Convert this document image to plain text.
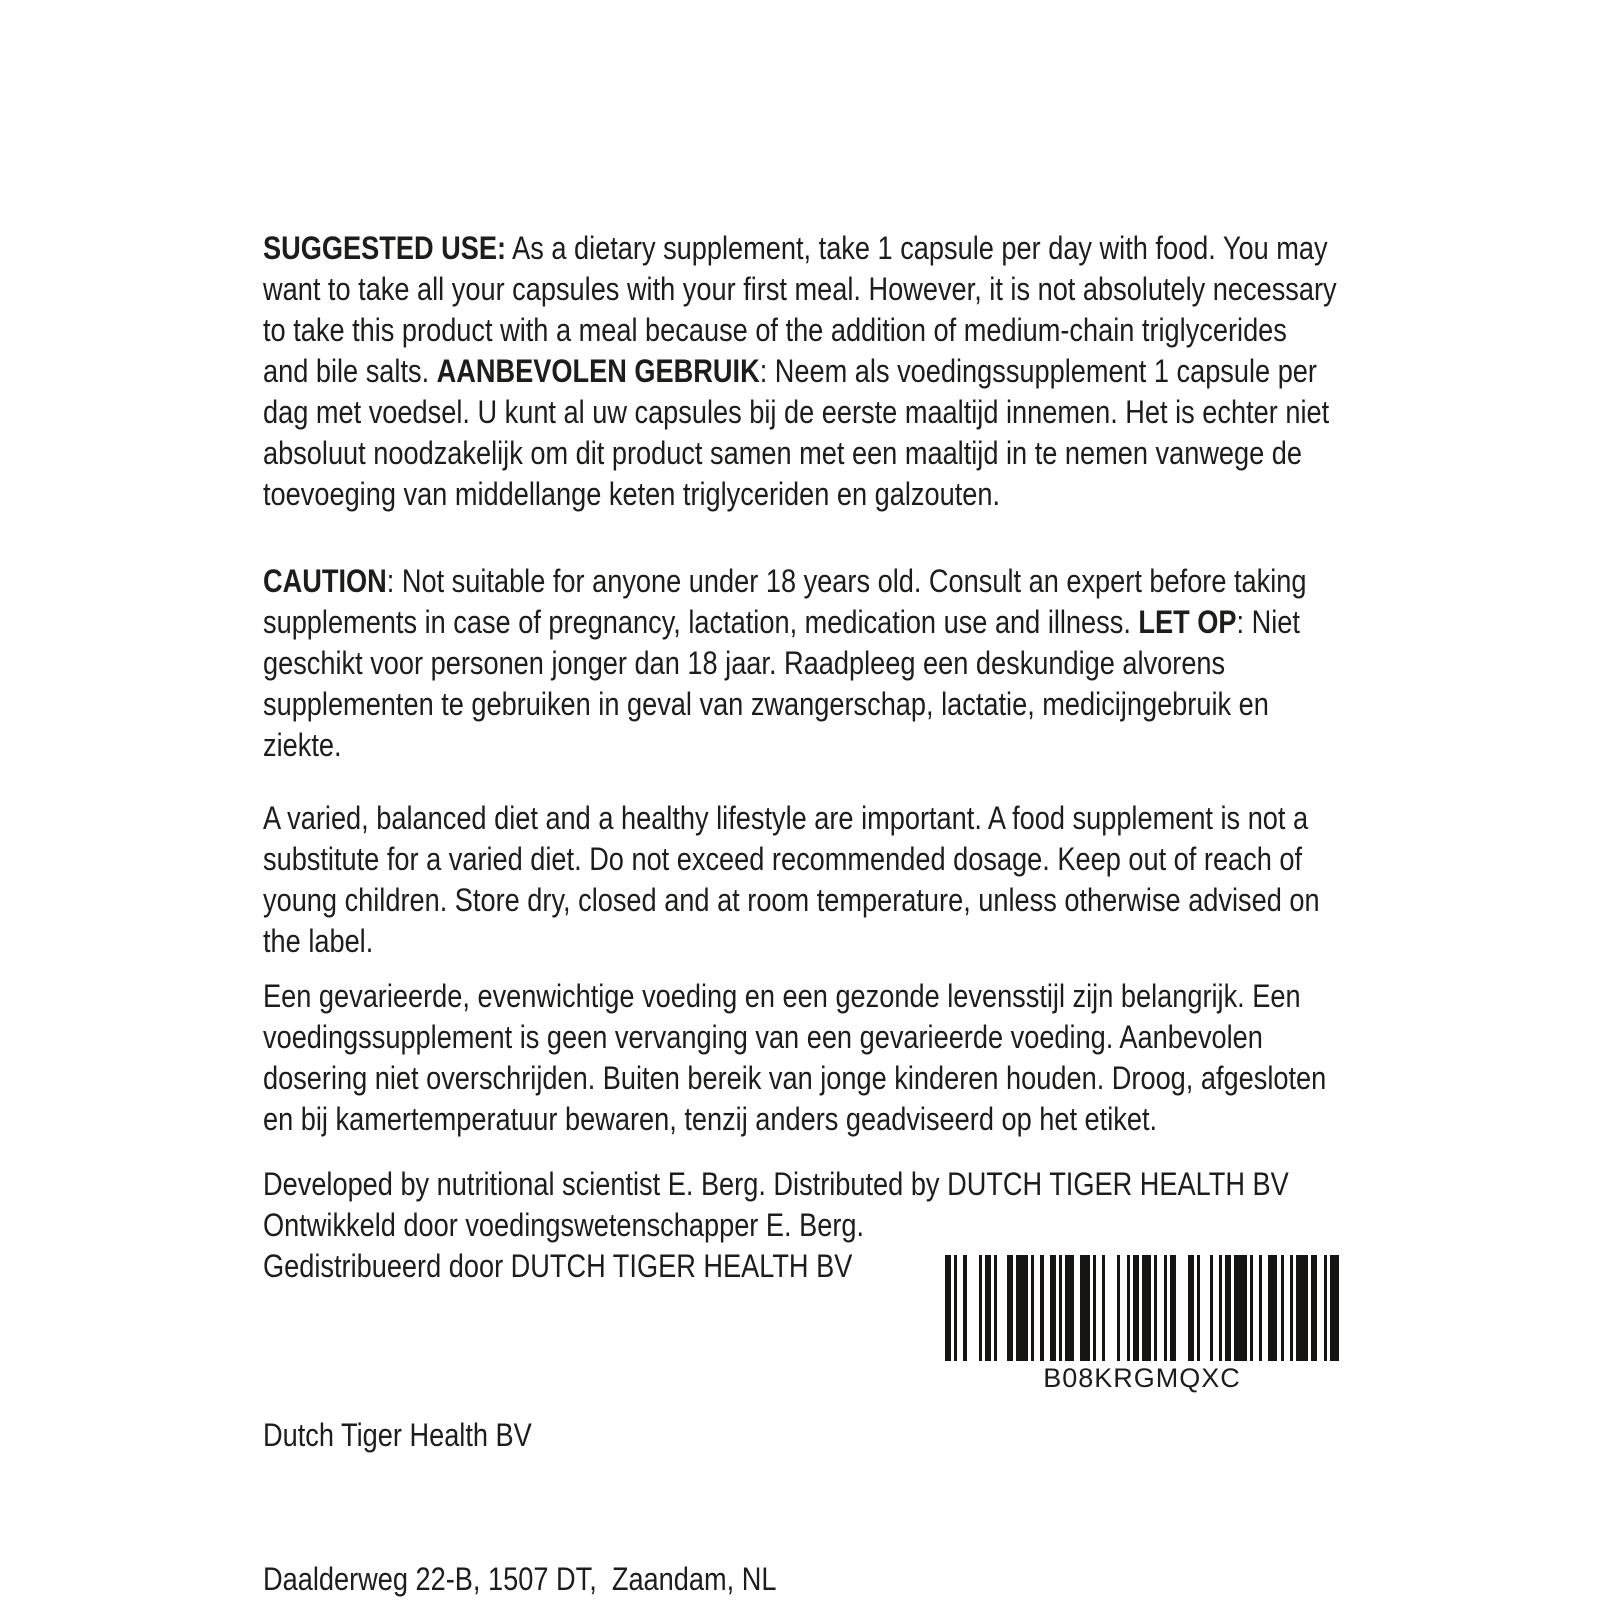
SUGGESTED USE: As a dietary supplement, take 1 capsule per day with food. You may want to take all your capsules with your first meal. However, it is not absolutely necessary to take this product with a meal because of the addition of medium-chain triglycerides and bile salts. AANBEVOLEN GEBRUIK: Neem als voedingssupplement 1 capsule per dag met voedsel. U kunt al uw capsules bij de eerste maaltijd innemen. Het is echter niet absoluut noodzakelijk om dit product samen met een maaltijd in te nemen vanwege de toevoeging van middellange keten triglyceriden en galzouten.

CAUTION: Not suitable for anyone under 18 years old. Consult an expert before taking supplements in case of pregnancy, lactation, medication use and illness. LET OP: Niet geschikt voor personen jonger dan 18 jaar. Raadpleeg een deskundige alvorens supplementen te gebruiken in geval van zwangerschap, lactatie, medicijngebruik en ziekte.

A varied, balanced diet and a healthy lifestyle are important. A food supplement is not a substitute for a varied diet. Do not exceed recommended dosage. Keep out of reach of young children. Store dry, closed and at room temperature, unless otherwise advised on the label.

Een gevarieerde, evenwichtige voeding en een gezonde levensstijl zijn belangrijk. Een voedingssupplement is geen vervanging van een gevarieerde voeding. Aanbevolen dosering niet overschrijden. Buiten bereik van jonge kinderen houden. Droog, afgesloten en bij kamertemperatuur bewaren, tenzij anders geadviseerd op het etiket.

Developed by nutritional scientist E. Berg. Distributed by DUTCH TIGER HEALTH BV
Ontwikkeld door voedingswetenschapper E. Berg.
Gedistribueerd door DUTCH TIGER HEALTH BV

Dutch Tiger Health BV

Daalderweg 22-B, 1507 DT,  Zaandam, NL

B08KRGMQXC
